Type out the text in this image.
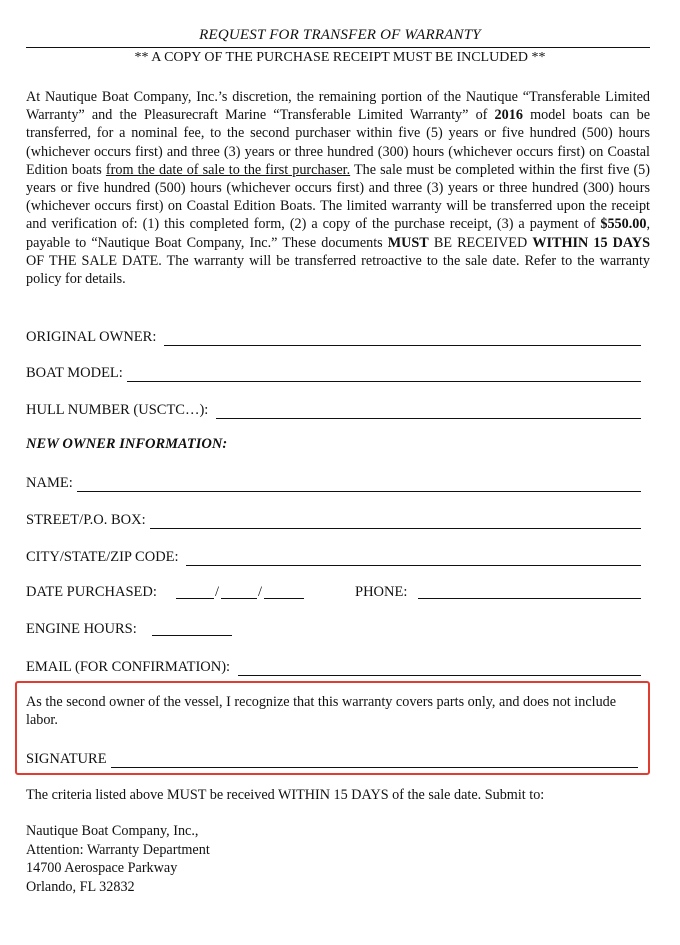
REQUEST FOR TRANSFER OF WARRANTY
** A COPY OF THE PURCHASE RECEIPT MUST BE INCLUDED **
At Nautique Boat Company, Inc.’s discretion, the remaining portion of the Nautique “Transferable Limited Warranty” and the Pleasurecraft Marine “Transferable Limited Warranty” of 2016 model boats can be transferred, for a nominal fee, to the second purchaser within five (5) years or five hundred (500) hours (whichever occurs first) and three (3) years or three hundred (300) hours (whichever occurs first) on Coastal Edition boats from the date of sale to the first purchaser. The sale must be completed within the first five (5) years or five hundred (500) hours (whichever occurs first) and three (3) years or three hundred (300) hours (whichever occurs first) on Coastal Edition Boats. The limited warranty will be transferred upon the receipt and verification of: (1) this completed form, (2) a copy of the purchase receipt, (3) a payment of $550.00, payable to “Nautique Boat Company, Inc.” These documents MUST BE RECEIVED WITHIN 15 DAYS OF THE SALE DATE. The warranty will be transferred retroactive to the sale date. Refer to the warranty policy for details.
ORIGINAL OWNER:
BOAT MODEL:
HULL NUMBER (USCTC…):
NEW OWNER INFORMATION:
NAME:
STREET/P.O. BOX:
CITY/STATE/ZIP CODE:
DATE PURCHASED:	/	/	PHONE:
ENGINE HOURS:
EMAIL (FOR CONFIRMATION):
As the second owner of the vessel, I recognize that this warranty covers parts only, and does not include labor.
SIGNATURE
The criteria listed above MUST be received WITHIN 15 DAYS of the sale date. Submit to:
Nautique Boat Company, Inc.,
Attention: Warranty Department
14700 Aerospace Parkway
Orlando, FL 32832
